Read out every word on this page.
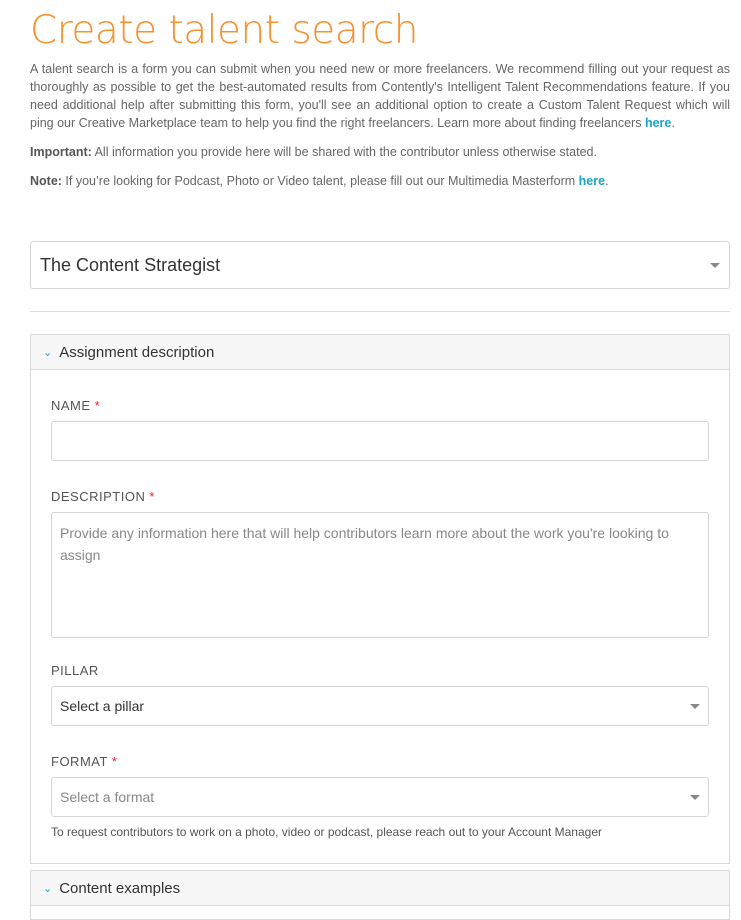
Create talent search

A talent search is a form you can submit when you need new or more freelancers. We recommend filling out your request as thoroughly as possible to get the best-automated results from Contently's Intelligent Talent Recommendations feature. If you need additional help after submitting this form, you'll see an additional option to create a Custom Talent Request which will ping our Creative Marketplace team to help you find the right freelancers. Learn more about finding freelancers here.

Important: All information you provide here will be shared with the contributor unless otherwise stated.

Note: If you’re looking for Podcast, Photo or Video talent, please fill out our Multimedia Masterform here.

The Content Strategist
⌄ Assignment description
NAME *
DESCRIPTION *
Provide any information here that will help contributors learn more about the work you're looking to assign
PILLAR
Select a pillar
FORMAT *
Select a format
To request contributors to work on a photo, video or podcast, please reach out to your Account Manager
⌄ Content examples
